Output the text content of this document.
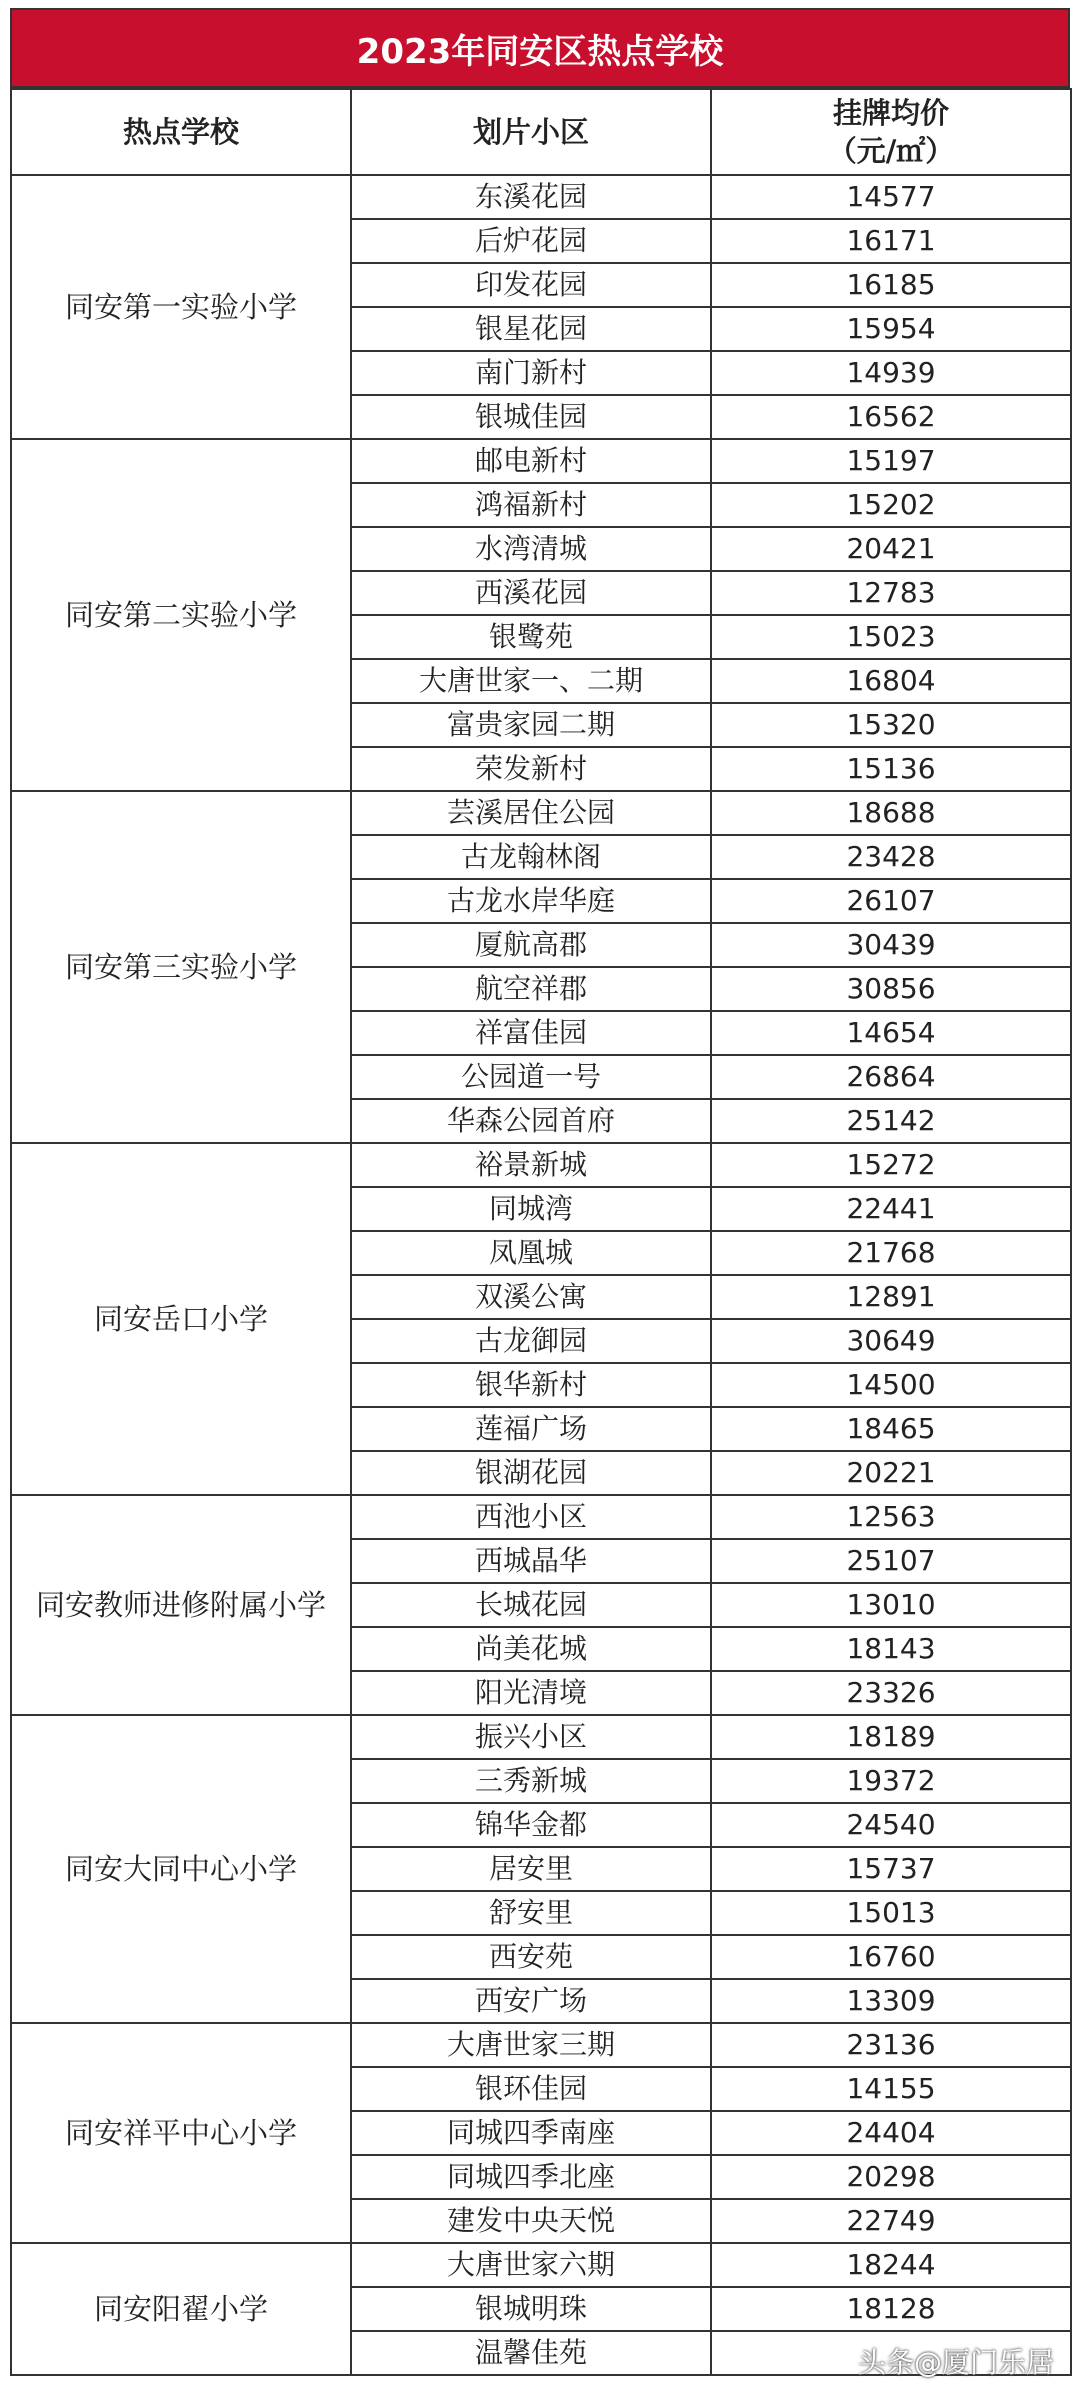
2023年同安区热点学校
热点学校	划片小区	挂牌均价
（元/㎡）

同安第一实验小学	东溪花园	14577
	后炉花园	16171
	印发花园	16185
	银星花园	15954
	南门新村	14939
	银城佳园	16562
同安第二实验小学	邮电新村	15197
	鸿福新村	15202
	水湾清城	20421
	西溪花园	12783
	银鹭苑	15023
	大唐世家一、二期	16804
	富贵家园二期	15320
	荣发新村	15136
同安第三实验小学	芸溪居住公园	18688
	古龙翰林阁	23428
	古龙水岸华庭	26107
	厦航高郡	30439
	航空祥郡	30856
	祥富佳园	14654
	公园道一号	26864
	华森公园首府	25142
同安岳口小学	裕景新城	15272
	同城湾	22441
	凤凰城	21768
	双溪公寓	12891
	古龙御园	30649
	银华新村	14500
	莲福广场	18465
	银湖花园	20221
同安教师进修附属小学	西池小区	12563
	西城晶华	25107
	长城花园	13010
	尚美花城	18143
	阳光清境	23326
同安大同中心小学	振兴小区	18189
	三秀新城	19372
	锦华金都	24540
	居安里	15737
	舒安里	15013
	西安苑	16760
	西安广场	13309
同安祥平中心小学	大唐世家三期	23136
	银环佳园	14155
	同城四季南座	24404
	同城四季北座	20298
	建发中央天悦	22749
同安阳翟小学	大唐世家六期	18244
	银城明珠	18128
	温馨佳苑		头条@厦门乐居
